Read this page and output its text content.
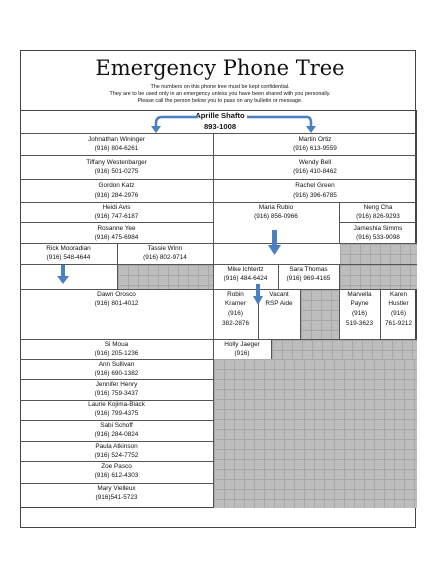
Emergency Phone Tree
The numbers on this phone tree must be kept confidential.
They are to be used only in an emergency unless you have been shared with you personally.
Please call the person below you to pass on any bulletin or message.
Aprille Shafto
893-1008
Johnathan Wininger
(916) 804-6261
Tiffany Westenbarger
(916) 501-0275
Gordon Katz
(916) 284-2976
Heidi Avis
(916) 747-6187
Rosanne Yee
(916) 475-6984
Rick Mooradian
(916) 548-4644
Tassie Winn
(916) 802-9714
Martin Ortiz
(916) 613-9559
Wendy Bell
(916) 410-8462
Rachel Green
(916) 396-6785
Maria Rubio
(916) 856-0966
Neng Cha
(916) 826-9293
Jameshia Simms
(916) 533-9098
Mike Ichtertz
(916) 484-6424
Sara Thomas
(916) 969-4165
Dawn Orosco
(916) 801-4012
Robin
Kramer
(916)
382-2876
Vacant
RSP Aide
Marvella
Payne
(916)
519-3623
Karen
Hustler
(916)
761-9212
Holly Jaeger
(916)
Si Moua
(916) 205-1236
Ann Sullivan
(916) 690-1382
Jennifer Henry
(916) 759-3437
Laurie Kojima-Black
(916) 799-4375
Sabi Schoff
(916) 284-0824
Paula Atkinson
(916) 524-7752
Zoe Pasco
(916) 612-4303
Mary Vielleux
(916)541-5723
